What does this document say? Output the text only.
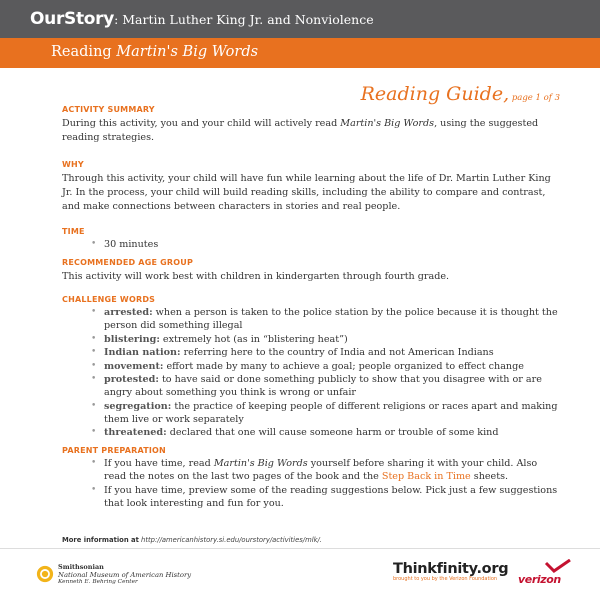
OurStory: Martin Luther King Jr. and Nonviolence
Reading Martin's Big Words
Reading Guide, page 1 of 3
ACTIVITY SUMMARY
During this activity, you and your child will actively read Martin's Big Words, using the suggested reading strategies.
WHY
Through this activity, your child will have fun while learning about the life of Dr. Martin Luther King Jr. In the process, your child will build reading skills, including the ability to compare and contrast, and make connections between characters in stories and real people.
TIME
• 30 minutes
RECOMMENDED AGE GROUP
This activity will work best with children in kindergarten through fourth grade.
CHALLENGE WORDS
• arrested: when a person is taken to the police station by the police because it is thought the person did something illegal
• blistering: extremely hot (as in “blistering heat”)
• Indian nation: referring here to the country of India and not American Indians
• movement: effort made by many to achieve a goal; people organized to effect change
• protested: to have said or done something publicly to show that you disagree with or are angry about something you think is wrong or unfair
• segregation: the practice of keeping people of different religions or races apart and making them live or work separately
• threatened: declared that one will cause someone harm or trouble of some kind
PARENT PREPARATION
• If you have time, read Martin's Big Words yourself before sharing it with your child. Also read the notes on the last two pages of the book and the Step Back in Time sheets.
• If you have time, preview some of the reading suggestions below. Pick just a few suggestions that look interesting and fun for you.
More information at http://americanhistory.si.edu/ourstory/activities/mlk/.
Smithsonian
National Museum of American History
Kenneth E. Behring Center
Thinkfinity.org
brought to you by the Verizon Foundation	verizon
